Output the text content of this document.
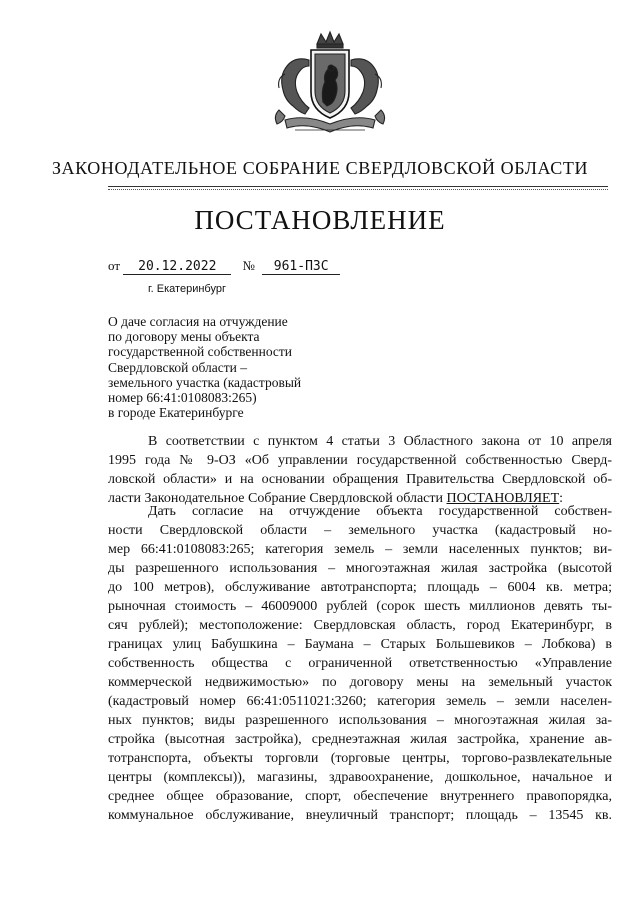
ЗАКОНОДАТЕЛЬНОЕ СОБРАНИЕ СВЕРДЛОВСКОЙ ОБЛАСТИ
ПОСТАНОВЛЕНИЕ
от 20.12.2022 № 961-ПЗС
г. Екатеринбург
О даче согласия на отчуждение
по договору мены объекта
государственной собственности
Свердловской области –
земельного участка (кадастровый
номер 66:41:0108083:265)
в городе Екатеринбурге
В соответствии с пунктом 4 статьи 3 Областного закона от 10 апреля
1995 года № 9-ОЗ «Об управлении государственной собственностью Сверд-
ловской области» и на основании обращения Правительства Свердловской об-
ласти Законодательное Собрание Свердловской области ПОСТАНОВЛЯЕТ:
Дать согласие на отчуждение объекта государственной собствен-
ности Свердловской области – земельного участка (кадастровый но-
мер 66:41:0108083:265; категория земель – земли населенных пунктов; ви-
ды разрешенного использования – многоэтажная жилая застройка (высотой
до 100 метров), обслуживание автотранспорта; площадь – 6004 кв. метра;
рыночная стоимость – 46009000 рублей (сорок шесть миллионов девять ты-
сяч рублей); местоположение: Свердловская область, город Екатеринбург, в
границах улиц Бабушкина – Баумана – Старых Большевиков – Лобкова) в
собственность общества с ограниченной ответственностью «Управление
коммерческой недвижимостью» по договору мены на земельный участок
(кадастровый номер 66:41:0511021:3260; категория земель – земли населен-
ных пунктов; виды разрешенного использования – многоэтажная жилая за-
стройка (высотная застройка), среднеэтажная жилая застройка, хранение ав-
тотранспорта, объекты торговли (торговые центры, торгово-развлекательные
центры (комплексы)), магазины, здравоохранение, дошкольное, начальное и
среднее общее образование, спорт, обеспечение внутреннего правопорядка,
коммунальное обслуживание, внеуличный транспорт; площадь – 13545 кв.
